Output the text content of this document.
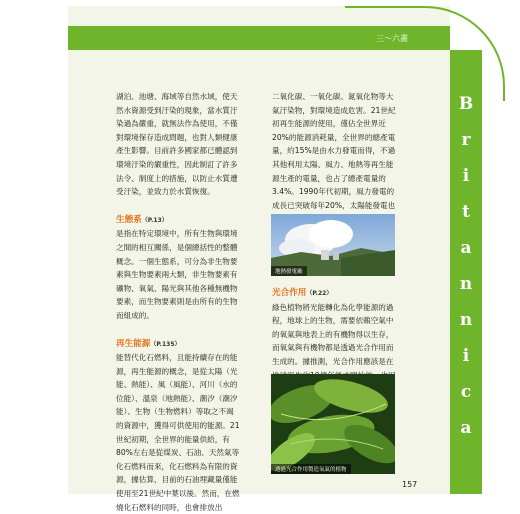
三～六畫
B
r
i
t
a
n
n
i
c
a

湖泊、池塘、海域等自然水域，使天然水資源受到汙染的現象，當水質汙染過為嚴重，就無法作為使用，不僅對環境保存造成問題，也對人類健康產生影響。目前許多國家都已體認到環境汙染的嚴重性，因此制訂了許多法令、制度上的措施，以防止水質遭受汙染，並致力於水質恢復。

生態系（P.13）

是指在特定環境中，所有生物與環境之間的相互關係，是個總括性的整體概念。一個生態系，可分為非生物要素與生物要素兩大類，非生物要素有礦物、氧氣、陽光與其他各種無機物要素，而生物要素則是由所有的生物而組成的。

再生能源（P.135）

能替代化石燃料，且能持續存在的能源，再生能源的概念，是從太陽（光能、熱能）、風（風能）、河川（水的位能）、溫泉（地熱能）、潮汐（潮汐能）、生物（生物燃料）等取之不竭的資源中，獲得可供使用的能源。21世紀初期，全世界的能量供給，有80%左右是從煤炭、石油、天然氣等化石燃料而來，化石燃料為有限的資源，據估算，目前的石油埋藏量僅能使用至21世紀中葉以後。然而，在燃燒化石燃料的同時，也會排放出

二氧化碳、一氧化碳、氮氧化物等大氣汙染物，對環境造成危害。21世紀初再生能源的使用，僅佔全世界近20%的能源消耗量，全世界的總產電量，約15%是由水力發電而得，不過其他利用太陽、風力、地熱等再生能源生產的電量，也占了總產電量的3.4%。1990年代初期，風力發電的成長已突破每年20%，太陽能發電也

地熱發電廠

光合作用（P.22）

綠色植物將光能轉化為化學能源的過程，地球上的生物，需要依賴空氣中的氧氣與地表上的有機物得以生存，而氧氣與有機物都是透過光合作用而生成的。據推測，光合作用應該是在

透過光合作用製造氧氣的植物
157
